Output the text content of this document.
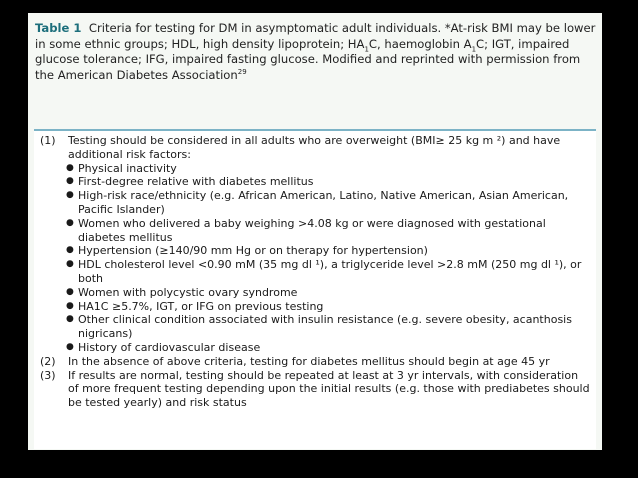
Table 1 Criteria for testing for DM in asymptomatic adult individuals. *At-risk BMI may be lower in some ethnic groups; HDL, high density lipoprotein; $HA_1C$, haemoglobin $A_1C$; IGT, impaired glucose tolerance; IFG, impaired fasting glucose. Modified and reprinted with permission from the American Diabetes Association$^{29}$
(1)	Testing should be considered in all adults who are overweight (BMI≥ 25 kg m ²) and have additional risk factors:
● Physical inactivity
● First-degree relative with diabetes mellitus
● High-risk race/ethnicity (e.g. African American, Latino, Native American, Asian American, Pacific Islander)
● Women who delivered a baby weighing >4.08 kg or were diagnosed with gestational diabetes mellitus
● Hypertension (≥140/90 mm Hg or on therapy for hypertension)
● HDL cholesterol level <0.90 mM (35 mg dl ¹), a triglyceride level >2.8 mM (250 mg dl ¹), or both
● Women with polycystic ovary syndrome
● HA1C ≥5.7%, IGT, or IFG on previous testing
● Other clinical condition associated with insulin resistance (e.g. severe obesity, acanthosis nigricans)
● History of cardiovascular disease
(2)	In the absence of above criteria, testing for diabetes mellitus should begin at age 45 yr
(3)	If results are normal, testing should be repeated at least at 3 yr intervals, with consideration of more frequent testing depending upon the initial results (e.g. those with prediabetes should be tested yearly) and risk status
